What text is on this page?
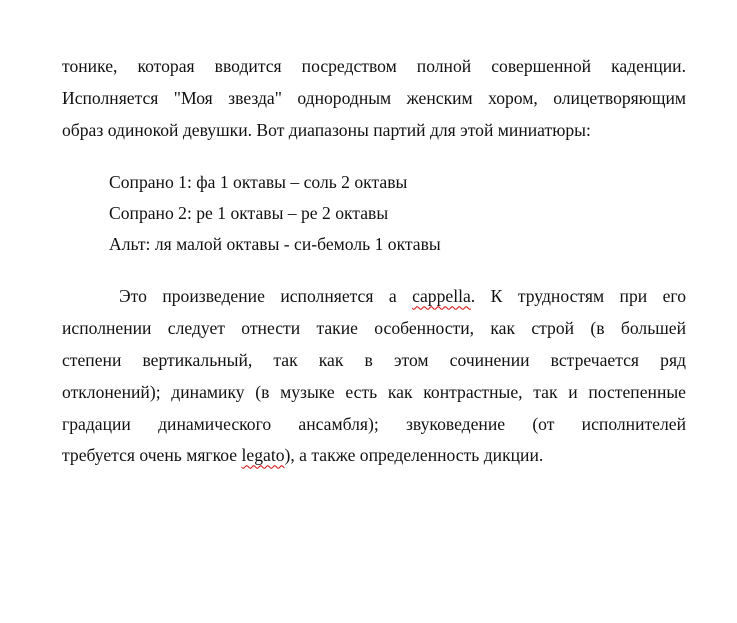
тонике, которая вводится посредством полной совершенной каденции.
Исполняется "Моя звезда" однородным женским хором, олицетворяющим
образ одинокой девушки. Вот диапазоны партий для этой миниатюры:
Сопрано 1: фа 1 октавы – соль 2 октавы
Сопрано 2: ре 1 октавы – ре 2 октавы
Альт: ля малой октавы - си-бемоль 1 октавы
Это произведение исполняется а cappella. К трудностям при его
исполнении следует отнести такие особенности, как строй (в большей
степени вертикальный, так как в этом сочинении встречается ряд
отклонений); динамику (в музыке есть как контрастные, так и постепенные
градации динамического ансамбля); звуковедение (от исполнителей
требуется очень мягкое legato), а также определенность дикции.
